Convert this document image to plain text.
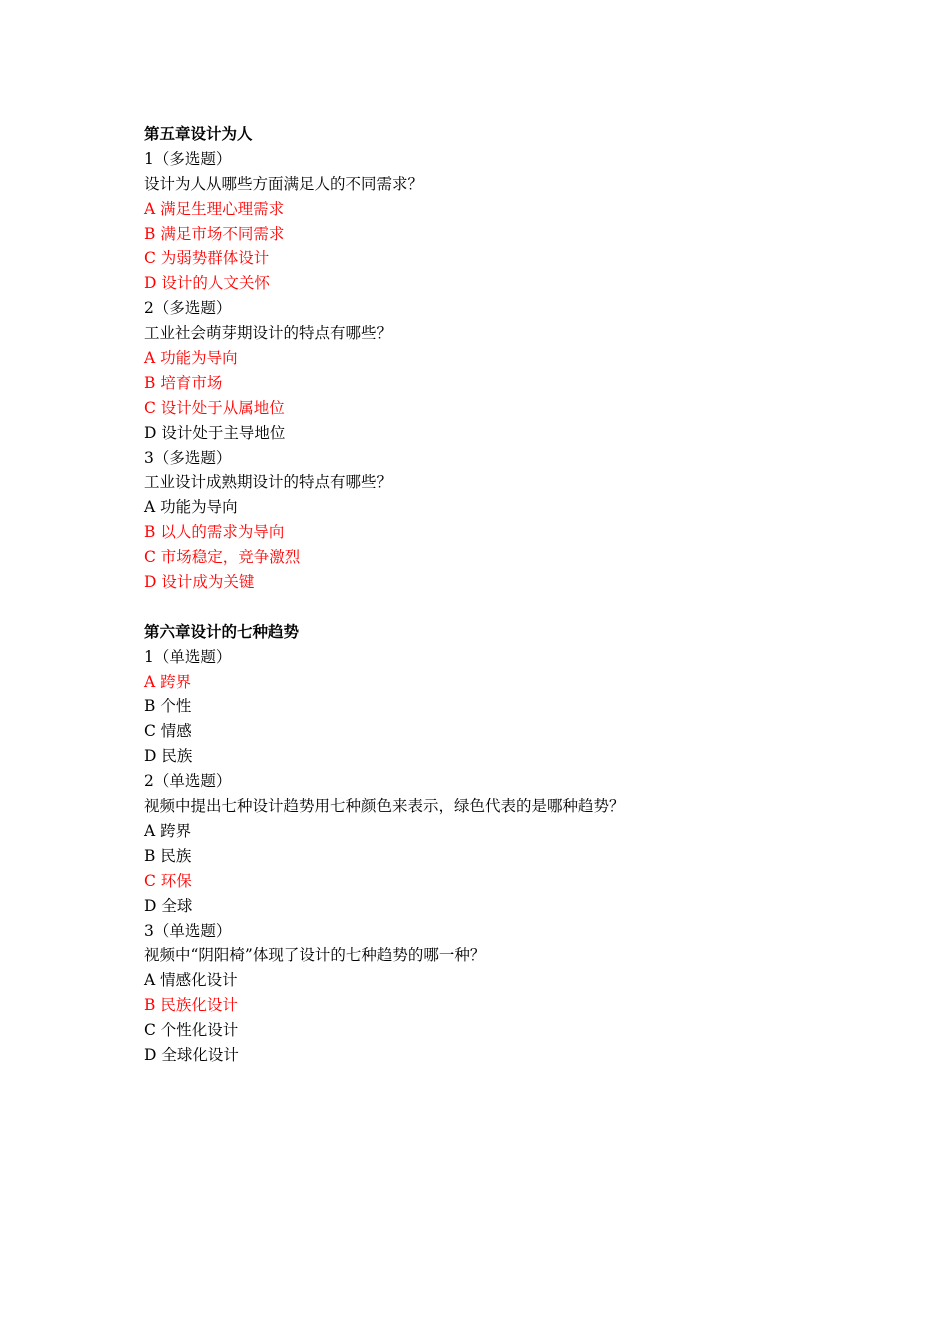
第五章设计为人
1（多选题）
设计为人从哪些方面满足人的不同需求？
A 满足生理心理需求
B 满足市场不同需求
C 为弱势群体设计
D 设计的人文关怀
2（多选题）
工业社会萌芽期设计的特点有哪些？
A 功能为导向
B 培育市场
C 设计处于从属地位
D 设计处于主导地位
3（多选题）
工业设计成熟期设计的特点有哪些？
A 功能为导向
B 以人的需求为导向
C 市场稳定，竞争激烈
D 设计成为关键
第六章设计的七种趋势
1（单选题）
A 跨界
B 个性
C 情感
D 民族
2（单选题）
视频中提出七种设计趋势用七种颜色来表示，绿色代表的是哪种趋势？
A 跨界
B 民族
C 环保
D 全球
3（单选题）
视频中“阴阳椅”体现了设计的七种趋势的哪一种？
A 情感化设计
B 民族化设计
C 个性化设计
D 全球化设计
